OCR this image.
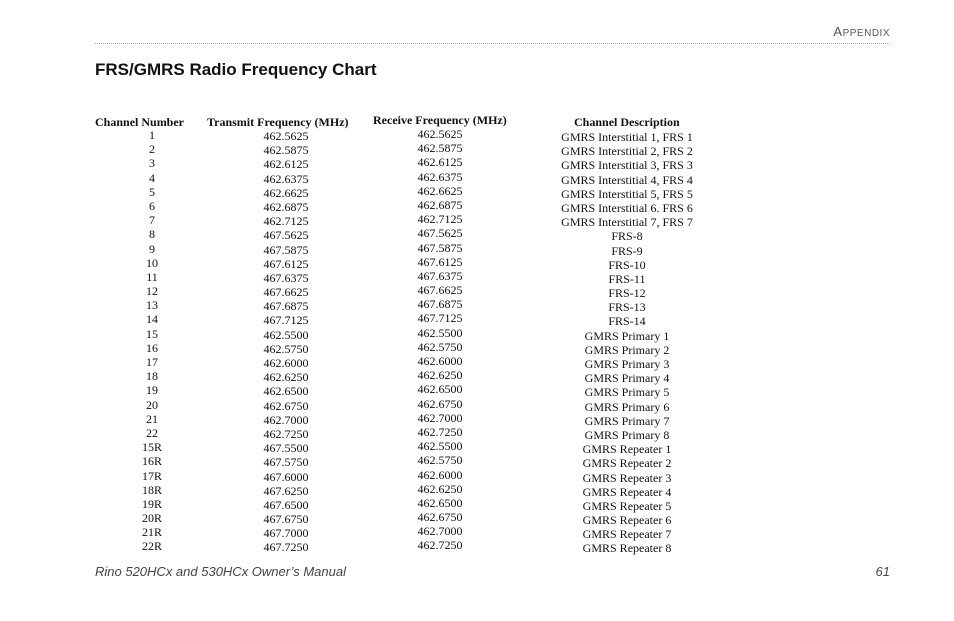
APPENDIX
FRS/GMRS Radio Frequency Chart
Channel Number Transmit Frequency (MHz) Receive Frequency (MHz)	Channel Description
1
2
3
4
5
6
7
8
9
10
11
12
13
14
15
16
17
18
19
20
21
22
15R
16R
17R
18R
19R
20R
21R
22R
462.5625
462.5875
462.6125
462.6375
462.6625
462.6875
462.7125
467.5625
467.5875
467.6125
467.6375
467.6625
467.6875
467.7125
462.5500
462.5750
462.6000
462.6250
462.6500
462.6750
462.7000
462.7250
467.5500
467.5750
467.6000
467.6250
467.6500
467.6750
467.7000
467.7250
462.5625
462.5875
462.6125
462.6375
462.6625
462.6875
462.7125
467.5625
467.5875
467.6125
467.6375
467.6625
467.6875
467.7125
462.5500
462.5750
462.6000
462.6250
462.6500
462.6750
462.7000
462.7250
462.5500
462.5750
462.6000
462.6250
462.6500
462.6750
462.7000
462.7250
GMRS Interstitial 1, FRS 1
GMRS Interstitial 2, FRS 2
GMRS Interstitial 3, FRS 3
GMRS Interstitial 4, FRS 4
GMRS Interstitial 5, FRS 5
GMRS Interstitial 6. FRS 6
GMRS Interstitial 7, FRS 7
FRS-8
FRS-9
FRS-10
FRS-11
FRS-12
FRS-13
FRS-14
GMRS Primary 1
GMRS Primary 2
GMRS Primary 3
GMRS Primary 4
GMRS Primary 5
GMRS Primary 6
GMRS Primary 7
GMRS Primary 8
GMRS Repeater 1
GMRS Repeater 2
GMRS Repeater 3
GMRS Repeater 4
GMRS Repeater 5
GMRS Repeater 6
GMRS Repeater 7
GMRS Repeater 8
Rino 520HCx and 530HCx Owner’s Manual	61
